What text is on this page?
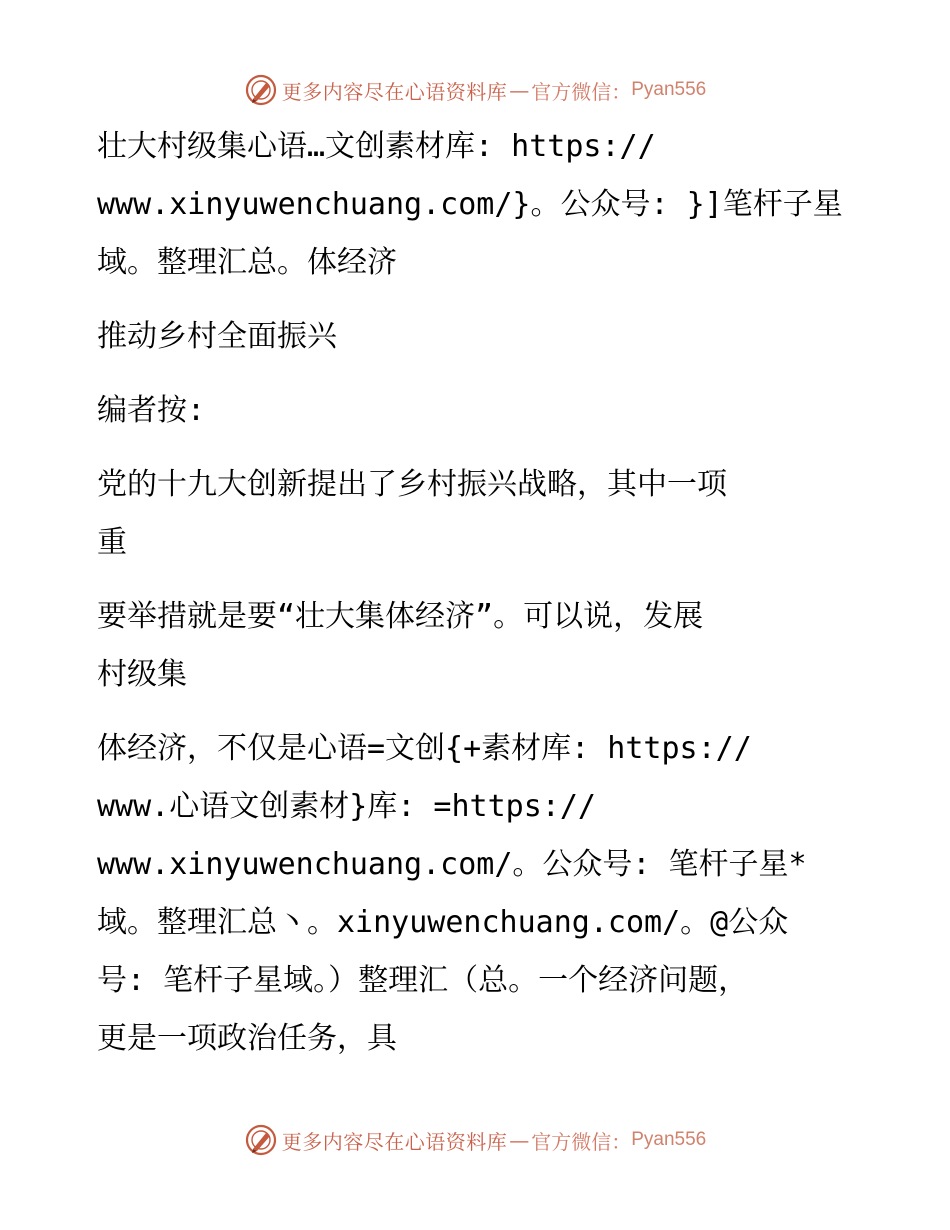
更多内容尽在心语资料库 — 官方微信： Pyan556

壮大村级集心语…文创素材库: https://
www.xinyuwenchuang.com/}。公众号: }]笔杆子星
域。整理汇总。体经济

推动乡村全面振兴

编者按:

党的十九大创新提出了乡村振兴战略，其中一项
重

要举措就是要“壮大集体经济”。可以说，发展
村级集

体经济，不仅是心语=文创{+素材库: https://
www.心语文创素材}库: =https://
www.xinyuwenchuang.com/。公众号: 笔杆子星*
域。整理汇总丶。xinyuwenchuang.com/。@公众
号: 笔杆子星域。）整理汇（总。一个经济问题，
更是一项政治任务，具

更多内容尽在心语资料库 — 官方微信： Pyan556
